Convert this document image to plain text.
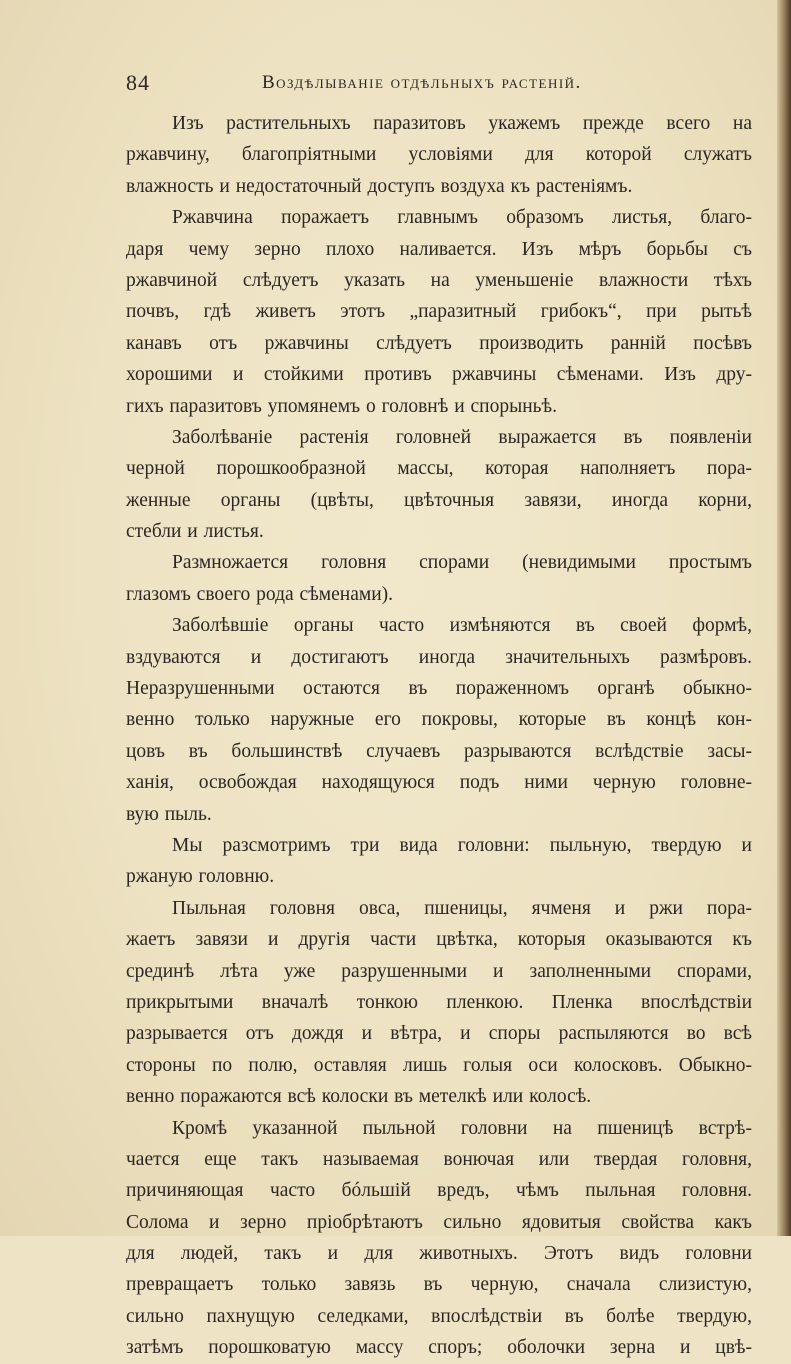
84	Воздѣлываніе отдѣльныхъ растеній.
Изъ растительныхъ паразитовъ укажемъ прежде всего на
ржавчину, благопріятными условіями для которой служатъ
влажность и недостаточный доступъ воздуха къ растеніямъ.
Ржавчина поражаетъ главнымъ образомъ листья, благо-
даря чему зерно плохо наливается. Изъ мѣръ борьбы съ
ржавчиной слѣдуетъ указать на уменьшеніе влажности тѣхъ
почвъ, гдѣ живетъ этотъ „паразитный грибокъ“, при рытьѣ
канавъ отъ ржавчины слѣдуетъ производить ранній посѣвъ
хорошими и стойкими противъ ржавчины сѣменами. Изъ дру-
гихъ паразитовъ упомянемъ о головнѣ и спорыньѣ.
Заболѣваніе растенія головней выражается въ появленіи
черной порошкообразной массы, которая наполняетъ пора-
женные органы (цвѣты, цвѣточныя завязи, иногда корни,
стебли и листья.
Размножается головня спорами (невидимыми простымъ
глазомъ своего рода сѣменами).
Заболѣвшіе органы часто измѣняются въ своей формѣ,
вздуваются и достигаютъ иногда значительныхъ размѣровъ.
Неразрушенными остаются въ пораженномъ органѣ обыкно-
венно только наружные его покровы, которые въ концѣ кон-
цовъ въ большинствѣ случаевъ разрываются вслѣдствіе засы-
ханія, освобождая находящуюся подъ ними черную головне-
вую пыль.
Мы разсмотримъ три вида головни: пыльную, твердую и
ржаную головню.
Пыльная головня овса, пшеницы, ячменя и ржи пора-
жаетъ завязи и другія части цвѣтка, которыя оказываются къ
срединѣ лѣта уже разрушенными и заполненными спорами,
прикрытыми вначалѣ тонкою пленкою. Пленка впослѣдствіи
разрывается отъ дождя и вѣтра, и споры распыляются во всѣ
стороны по полю, оставляя лишь голыя оси колосковъ. Обыкно-
венно поражаются всѣ колоски въ метелкѣ или колосѣ.
Кромѣ указанной пыльной головни на пшеницѣ встрѣ-
чается еще такъ называемая вонючая или твердая головня,
причиняющая часто бóльшій вредъ, чѣмъ пыльная головня.
Солома и зерно пріобрѣтаютъ сильно ядовитыя свойства какъ
для людей, такъ и для животныхъ. Этотъ видъ головни
превращаетъ только завязь въ черную, сначала слизистую,
сильно пахнущую селедками, впослѣдствіи въ болѣе твердую,
затѣмъ порошковатую массу споръ; оболочки зерна и цвѣ-
